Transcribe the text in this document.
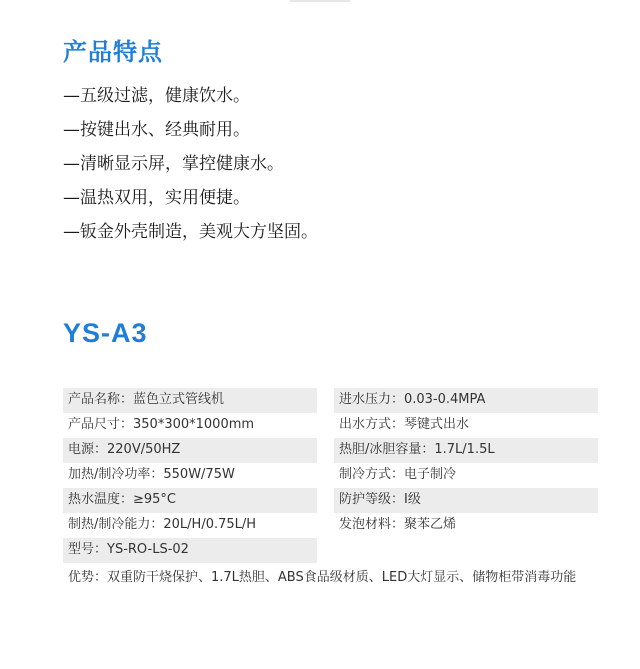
产品特点
—五级过滤，健康饮水。
—按键出水、经典耐用。
—清晰显示屏，掌控健康水。
—温热双用，实用便捷。
—钣金外壳制造，美观大方坚固。
YS-A3
产品名称：蓝色立式管线机
产品尺寸：350*300*1000mm
电源：220V/50HZ
加热/制冷功率：550W/75W
热水温度：≥95°C
制热/制冷能力：20L/H/0.75L/H
型号：YS-RO-LS-02
进水压力：0.03-0.4MPA
出水方式：琴键式出水
热胆/冰胆容量：1.7L/1.5L
制冷方式：电子制冷
防护等级：I级
发泡材料：聚苯乙烯
优势：双重防干烧保护、1.7L热胆、ABS食品级材质、LED大灯显示、储物柜带消毒功能
